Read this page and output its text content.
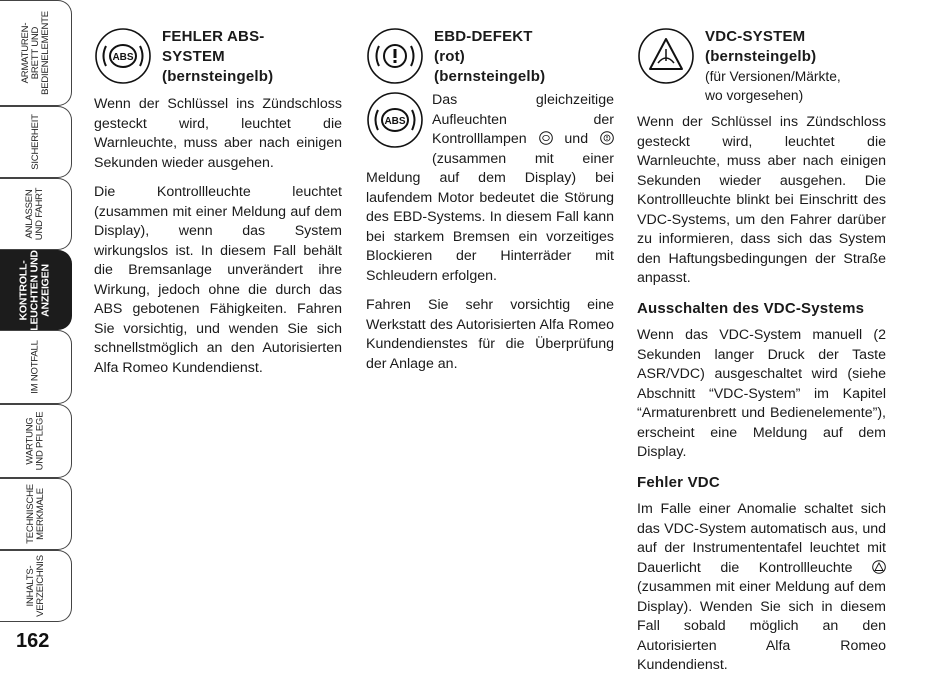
ARMATUREN-
BRETT UND
BEDIENELEMENTE
SICHERHEIT
ANLASSEN
UND FAHRT
KONTROLL-
LEUCHTEN UND
ANZEIGEN
IM NOTFALL
WARTUNG
UND PFLEGE
TECHNISCHE
MERKMALE
INHALTS-
VERZEICHNIS
162
ABS
FEHLER ABS-
SYSTEM
(bernsteingelb)

Wenn der Schlüssel ins Zündschloss gesteckt wird, leuchtet die Warnleuchte, muss aber nach einigen Sekunden wieder ausgehen.

Die Kontrollleuchte leuchtet (zusammen mit einer Meldung auf dem Display), wenn das System wirkungslos ist. In diesem Fall behält die Bremsanlage unverändert ihre Wirkung, jedoch ohne die durch das ABS gebotenen Fähigkeiten. Fahren Sie vorsichtig, und wenden Sie sich schnellstmöglich an den Autorisierten Alfa Romeo Kundendienst.

EBD-DEFEKT
(rot)
(bernsteingelb)
ABS

Das gleichzeitige Aufleuchten der Kontrolllampen	und  (zusammen mit einer Meldung auf dem Display) bei laufendem Motor bedeutet die Störung des EBD-Systems. In diesem Fall kann bei starkem Bremsen ein vorzeitiges Blockieren der Hinterräder mit Schleudern erfolgen.

Fahren Sie sehr vorsichtig eine Werkstatt des Autorisierten Alfa Romeo Kundendienstes für die Überprüfung der Anlage an.

VDC-SYSTEM
(bernsteingelb)
(für Versionen/Märkte,
wo vorgesehen)

Wenn der Schlüssel ins Zündschloss gesteckt wird, leuchtet die Warnleuchte, muss aber nach einigen Sekunden wieder ausgehen. Die Kontrollleuchte blinkt bei Einschritt des VDC-Systems, um den Fahrer darüber zu informieren, dass sich das System den Haftungsbedingungen der Straße anpasst.

Ausschalten des VDC-Systems

Wenn das VDC-System manuell (2 Sekunden langer Druck der Taste ASR/VDC) ausgeschaltet wird (siehe Abschnitt “VDC-System” im Kapitel “Armaturenbrett und Bedienelemente”), erscheint eine Meldung auf dem Display.

Fehler VDC

Im Falle einer Anomalie schaltet sich das VDC-System automatisch aus, und auf der Instrumententafel leuchtet mit Dauerlicht die Kontrollleuchte  (zusammen mit einer Meldung auf dem Display). Wenden Sie sich in diesem Fall sobald möglich an den Autorisierten Alfa Romeo Kundendienst.
